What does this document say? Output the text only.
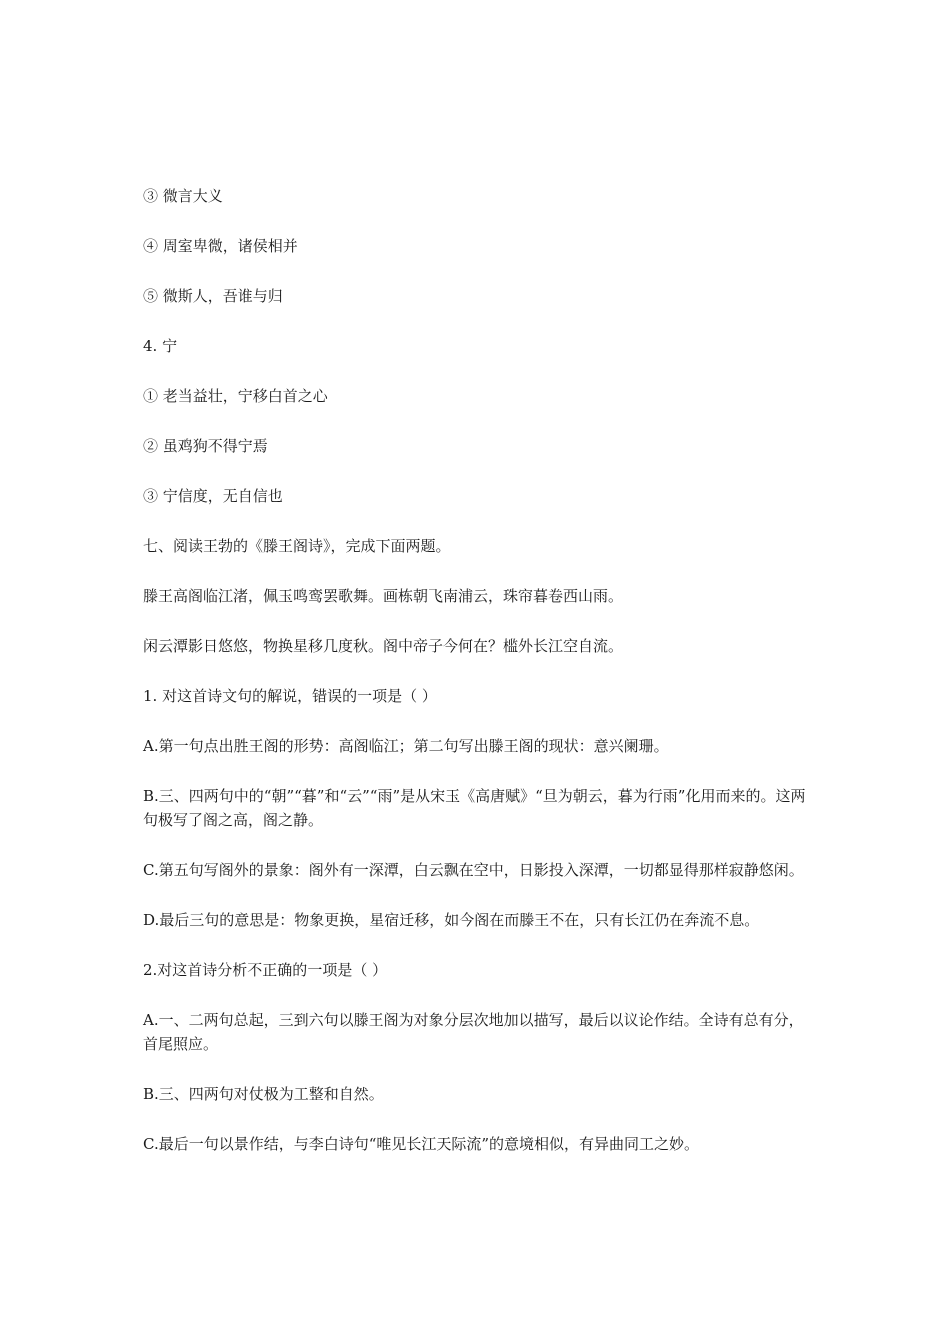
③ 微言大义

④ 周室卑微，诸侯相并

⑤ 微斯人，吾谁与归

4. 宁

① 老当益壮，宁移白首之心

② 虽鸡狗不得宁焉

③ 宁信度，无自信也

七、阅读王勃的《滕王阁诗》，完成下面两题。

滕王高阁临江渚，佩玉鸣鸾罢歌舞。画栋朝飞南浦云，珠帘暮卷西山雨。

闲云潭影日悠悠，物换星移几度秋。阁中帝子今何在？槛外长江空自流。

1. 对这首诗文句的解说，错误的一项是（ ）

A.第一句点出胜王阁的形势：高阁临江；第二句写出滕王阁的现状：意兴阑珊。

B.三、四两句中的“朝”“暮”和“云”“雨”是从宋玉《高唐赋》“旦为朝云，暮为行雨”化用而来的。这两句极写了阁之高，阁之静。

C.第五句写阁外的景象：阁外有一深潭，白云飘在空中，日影投入深潭，一切都显得那样寂静悠闲。

D.最后三句的意思是：物象更换，星宿迁移，如今阁在而滕王不在，只有长江仍在奔流不息。

2.对这首诗分析不正确的一项是（ ）

A.一、二两句总起，三到六句以滕王阁为对象分层次地加以描写，最后以议论作结。全诗有总有分，首尾照应。

B.三、四两句对仗极为工整和自然。

C.最后一句以景作结，与李白诗句“唯见长江天际流”的意境相似，有异曲同工之妙。
